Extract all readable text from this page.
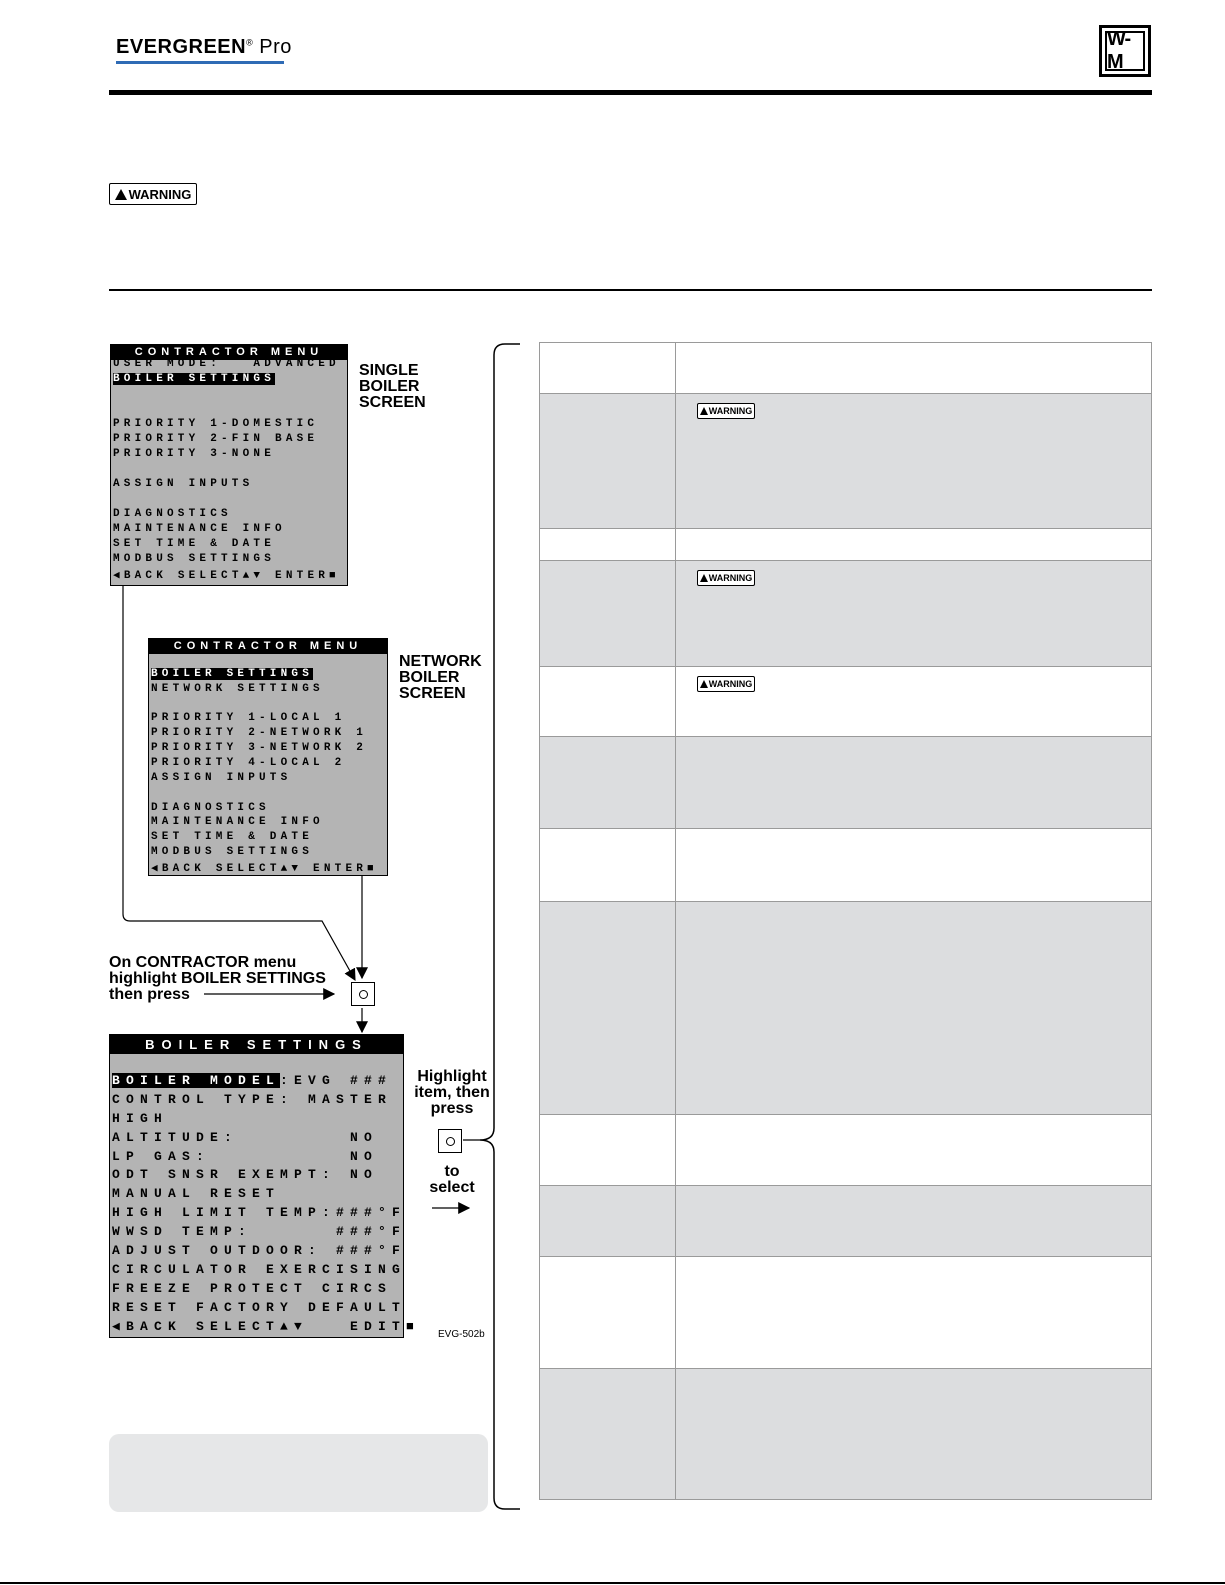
EVERGREEN® Pro	W-M
WARNING
CONTRACTOR MENU
USER MODE:   ADVANCED
BOILER SETTINGS
PRIORITY 1-DOMESTIC
PRIORITY 2-FIN BASE
PRIORITY 3-NONE
ASSIGN INPUTS
DIAGNOSTICS
MAINTENANCE INFO
SET TIME & DATE
MODBUS SETTINGS
◀BACK SELECT▲▼ ENTER■
SINGLE
BOILER
SCREEN
CONTRACTOR MENU
BOILER SETTINGS
NETWORK SETTINGS
PRIORITY 1-LOCAL 1
PRIORITY 2-NETWORK 1
PRIORITY 3-NETWORK 2
PRIORITY 4-LOCAL 2
ASSIGN INPUTS
DIAGNOSTICS
MAINTENANCE INFO
SET TIME & DATE
MODBUS SETTINGS
◀BACK SELECT▲▼ ENTER■
NETWORK
BOILER
SCREEN
On CONTRACTOR menu
highlight BOILER SETTINGS
then press
BOILER SETTINGS
BOILER MODEL:EVG ###
CONTROL TYPE: MASTER
HIGH
ALTITUDE:        NO
LP GAS:          NO
ODT SNSR EXEMPT: NO
MANUAL RESET
HIGH LIMIT TEMP:###°F
WWSD TEMP:      ###°F
ADJUST OUTDOOR: ###°F
CIRCULATOR EXERCISING
FREEZE PROTECT CIRCS
RESET FACTORY DEFAULT
◀BACK SELECT▲▼   EDIT■
Highlight
item, then
press
to
select
EVG-502b
WARNING
WARNING
WARNING
